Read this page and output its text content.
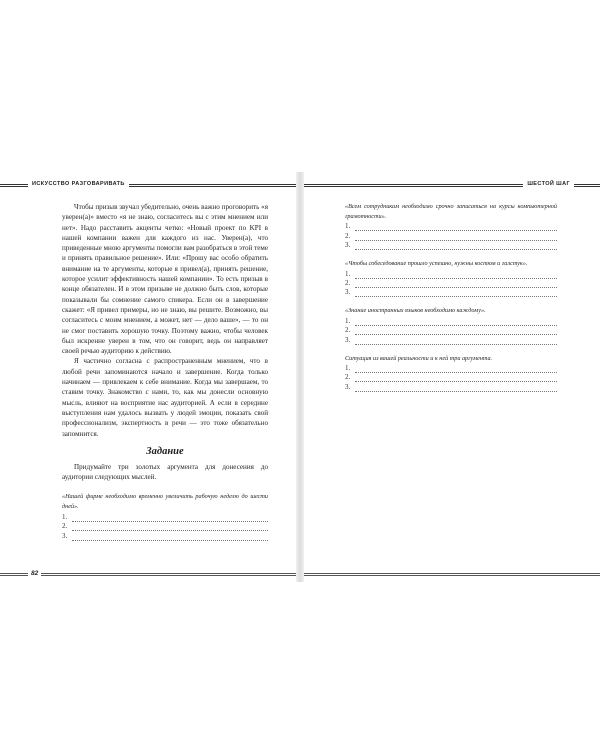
ИСКУССТВО РАЗГОВАРИВАТЬ

Чтобы призыв звучал убедительно, очень важно проговорить «я уверен(а)» вместо «я не знаю, согласитесь вы с этим мнением или нет». Надо расставить акценты четко: «Новый проект по KPI в нашей компании важен для каждого из нас. Уверен(а), что приведенные мною аргументы помогли вам разобраться в этой теме и принять правильное решение». Или: «Прошу вас особо обратить внимание на те аргументы, которые я привел(а), принять решение, которое усилит эффективность нашей компании». То есть призыв в конце обязателен. И в этом призыве не должно быть слов, которые показывали бы сомнение самого спикера. Если он в завершение скажет: «Я привел примеры, но не знаю, вы решите. Возможно, вы согласитесь с моим мнением, а может, нет — дело ваше», — то он не смог поставить хорошую точку. Поэтому важно, чтобы человек был искренне уверен в том, что он говорит, ведь он направляет своей речью аудиторию к действию.

Я частично согласна с распространенным мнением, что в любой речи запоминаются начало и завершение. Когда только начинаем — привлекаем к себе внимание. Когда мы завершаем, то ставим точку. Знакомство с нами, то, как мы донесли основную мысль, влияют на восприятие нас аудиторией. А если в середине выступления нам удалось вызвать у людей эмоции, показать свой профессионализм, экспертность в речи — это тоже обязательно запомнится.

Задание

Придумайте три золотых аргумента для донесения до аудитории следующих мыслей.

«Нашей фирме необходимо временно увеличить рабочую неделю до шести дней».

1.
2.
3.
82
ШЕСТОЙ ШАГ

«Всем сотрудникам необходимо срочно записаться на курсы компьютерной грамотности».

1.
2.
3.

«Чтобы собеседование прошло успешно, нужны костюм и галстук».

1.
2.
3.

«Знание иностранных языков необходимо каждому».

1.
2.
3.

Ситуация из вашей реальности и к ней три аргумента.

1.
2.
3.
